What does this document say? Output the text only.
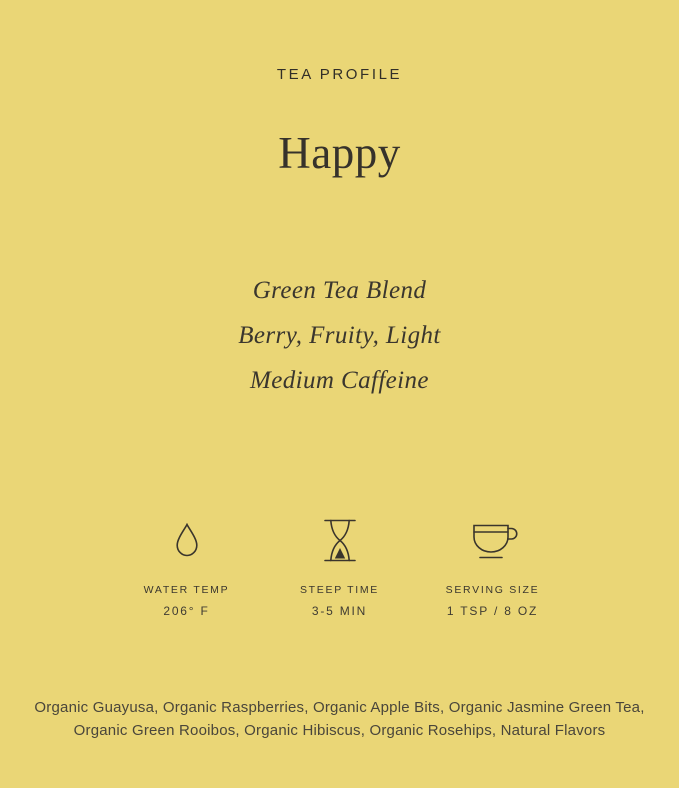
TEA PROFILE
Happy
Green Tea Blend
Berry, Fruity, Light
Medium Caffeine
WATER TEMP
206° F
STEEP TIME
3-5 MIN
SERVING SIZE
1 TSP / 8 OZ
Organic Guayusa, Organic Raspberries, Organic Apple Bits, Organic Jasmine Green Tea,
Organic Green Rooibos, Organic Hibiscus, Organic Rosehips, Natural Flavors
